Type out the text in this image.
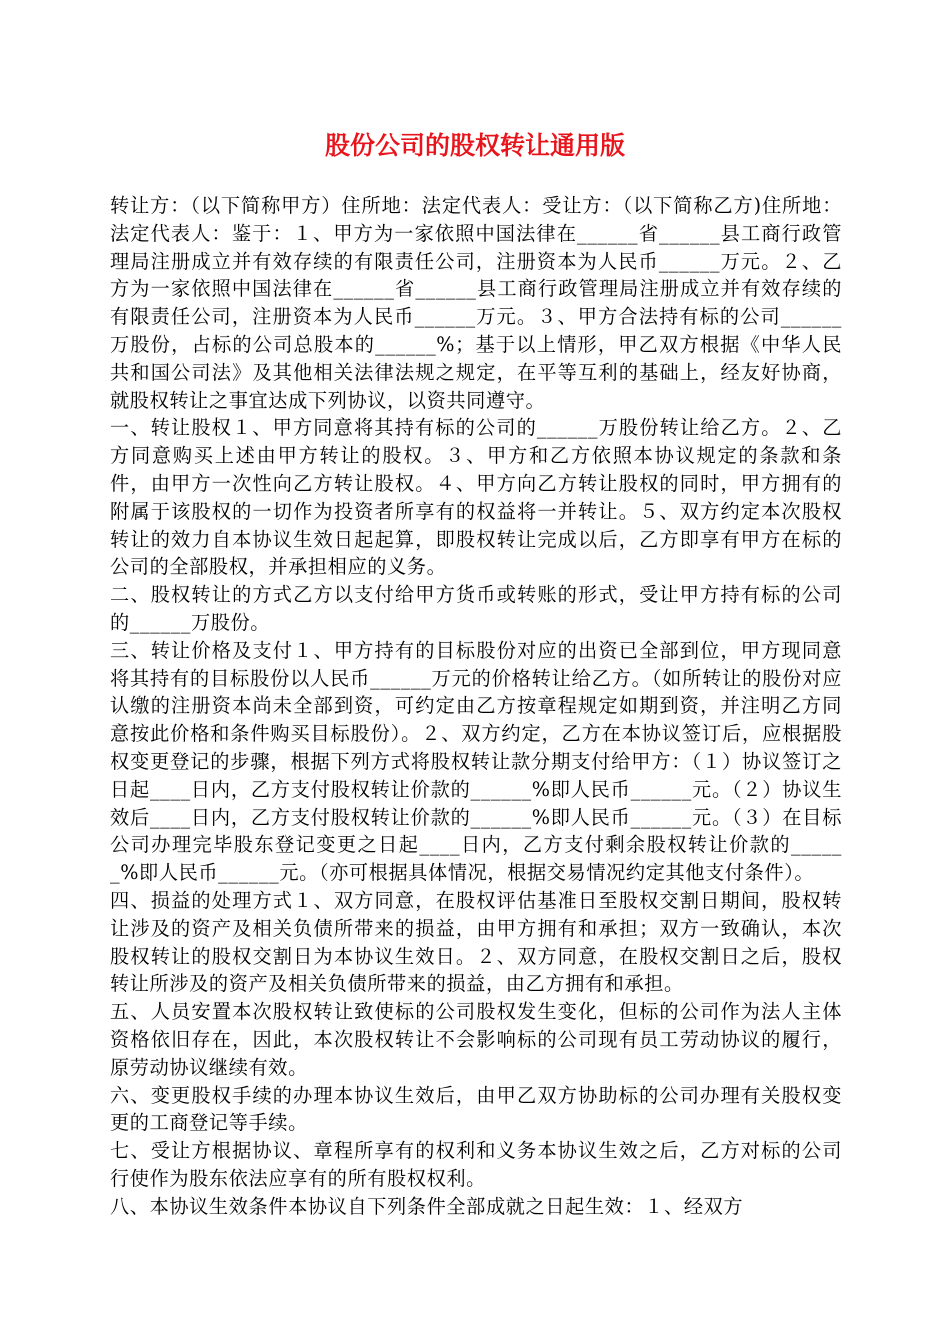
股份公司的股权转让通用版

转让方：（以下简称甲方）住所地：法定代表人：受让方：（以下简称乙方)住所地：法定代表人：鉴于：１、甲方为一家依照中国法律在______省______县工商行政管理局注册成立并有效存续的有限责任公司，注册资本为人民币______万元。２、乙方为一家依照中国法律在______省______县工商行政管理局注册成立并有效存续的有限责任公司，注册资本为人民币______万元。３、甲方合法持有标的公司______万股份，占标的公司总股本的______%；基于以上情形，甲乙双方根据《中华人民共和国公司法》及其他相关法律法规之规定，在平等互利的基础上，经友好协商，就股权转让之事宜达成下列协议，以资共同遵守。

一、转让股权１、甲方同意将其持有标的公司的______万股份转让给乙方。２、乙方同意购买上述由甲方转让的股权。３、甲方和乙方依照本协议规定的条款和条件，由甲方一次性向乙方转让股权。４、甲方向乙方转让股权的同时，甲方拥有的附属于该股权的一切作为投资者所享有的权益将一并转让。５、双方约定本次股权转让的效力自本协议生效日起起算，即股权转让完成以后，乙方即享有甲方在标的公司的全部股权，并承担相应的义务。

二、股权转让的方式乙方以支付给甲方货币或转账的形式，受让甲方持有标的公司的______万股份。

三、转让价格及支付１、甲方持有的目标股份对应的出资已全部到位，甲方现同意将其持有的目标股份以人民币______万元的价格转让给乙方。（如所转让的股份对应认缴的注册资本尚未全部到资，可约定由乙方按章程规定如期到资，并注明乙方同意按此价格和条件购买目标股份）。２、双方约定，乙方在本协议签订后，应根据股权变更登记的步骤，根据下列方式将股权转让款分期支付给甲方：（１）协议签订之日起____日内，乙方支付股权转让价款的______%即人民币______元。（２）协议生效后____日内，乙方支付股权转让价款的______%即人民币______元。（３）在目标公司办理完毕股东登记变更之日起____日内，乙方支付剩余股权转让价款的______%即人民币______元。（亦可根据具体情况，根据交易情况约定其他支付条件）。

四、损益的处理方式１、双方同意，在股权评估基准日至股权交割日期间，股权转让涉及的资产及相关负债所带来的损益，由甲方拥有和承担；双方一致确认，本次股权转让的股权交割日为本协议生效日。２、双方同意，在股权交割日之后，股权转让所涉及的资产及相关负债所带来的损益，由乙方拥有和承担。

五、人员安置本次股权转让致使标的公司股权发生变化，但标的公司作为法人主体资格依旧存在，因此，本次股权转让不会影响标的公司现有员工劳动协议的履行，原劳动协议继续有效。

六、变更股权手续的办理本协议生效后，由甲乙双方协助标的公司办理有关股权变更的工商登记等手续。

七、受让方根据协议、章程所享有的权利和义务本协议生效之后，乙方对标的公司行使作为股东依法应享有的所有股权权利。

八、本协议生效条件本协议自下列条件全部成就之日起生效：１、经双方
